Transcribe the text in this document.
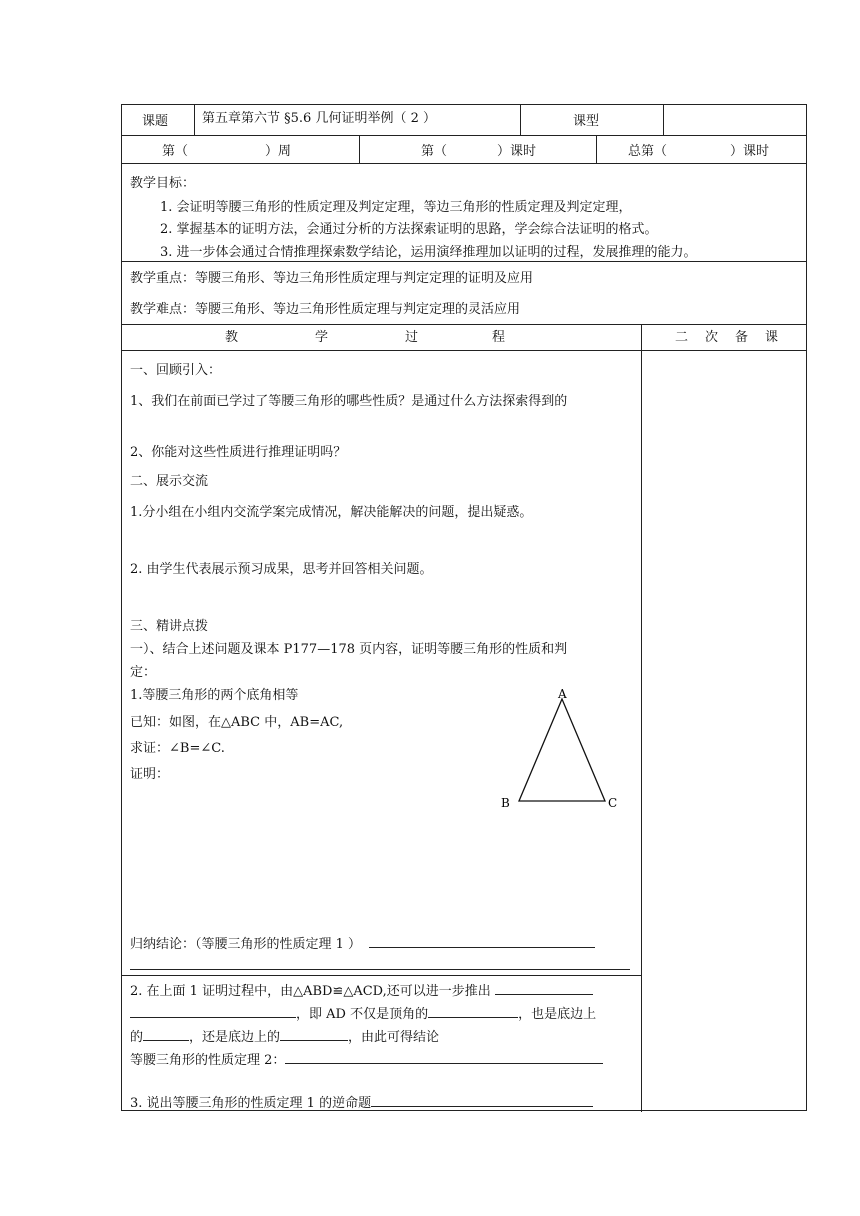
课题	第五章第六节 §5.6 几何证明举例（ 2 ）	课型
第（	）周	第（	）课时	总第（	）课时
教学目标：
1. 会证明等腰三角形的性质定理及判定定理，等边三角形的性质定理及判定定理，
2. 掌握基本的证明方法，会通过分析的方法探索证明的思路，学会综合法证明的格式。
3. 进一步体会通过合情推理探索数学结论，运用演绎推理加以证明的过程，发展推理的能力。
教学重点：等腰三角形、等边三角形性质定理与判定定理的证明及应用
教学难点：等腰三角形、等边三角形性质定理与判定定理的灵活应用
教	学	过	程	二 次 备 课
一、回顾引入：
1、我们在前面已学过了等腰三角形的哪些性质？是通过什么方法探索得到的
2、你能对这些性质进行推理证明吗？
二、展示交流
1.分小组在小组内交流学案完成情况，解决能解决的问题，提出疑惑。
2. 由学生代表展示预习成果，思考并回答相关问题。
三、精讲点拨
一）、结合上述问题及课本 P177—178 页内容，证明等腰三角形的性质和判
定：
1.等腰三角形的两个底角相等
已知：如图，在△ABC 中，AB=AC,
求证：∠B=∠C.
证明：
A
B	C
归纳结论：（等腰三角形的性质定理 1 ）
2. 在上面 1 证明过程中，由△ABD≌△ACD,还可以进一步推出
，即 AD 不仅是顶角的	，也是底边上
的	，还是底边上的	，由此可得结论
等腰三角形的性质定理 2：
3. 说出等腰三角形的性质定理 1 的逆命题
